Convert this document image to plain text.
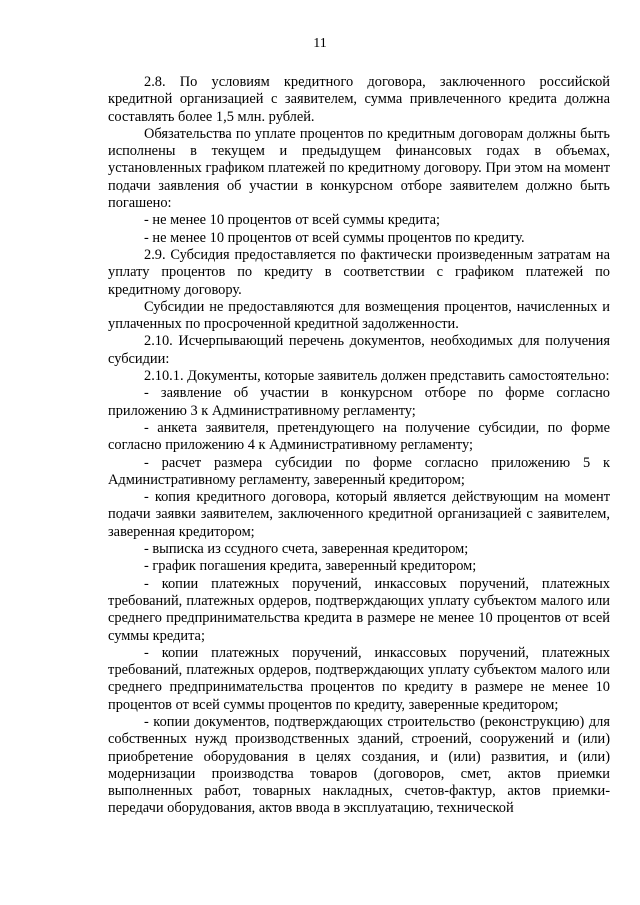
11

2.8. По условиям кредитного договора, заключенного российской кредитной организацией с заявителем, сумма привлеченного кредита должна составлять более 1,5 млн. рублей.

Обязательства по уплате процентов по кредитным договорам должны быть исполнены в текущем и предыдущем финансовых годах в объемах, установленных графиком платежей по кредитному договору. При этом на момент подачи заявления об участии в конкурсном отборе заявителем должно быть погашено:

- не менее 10 процентов от всей суммы кредита;

- не менее 10 процентов от всей суммы процентов по кредиту.

2.9. Субсидия предоставляется по фактически произведенным затратам на уплату процентов по кредиту в соответствии с графиком платежей по кредитному договору.

Субсидии не предоставляются для возмещения процентов, начисленных и уплаченных по просроченной кредитной задолженности.

2.10. Исчерпывающий перечень документов, необходимых для получения субсидии:

2.10.1. Документы, которые заявитель должен представить самостоятельно:

- заявление об участии в конкурсном отборе по форме согласно приложению 3 к Административному регламенту;

- анкета заявителя, претендующего на получение субсидии, по форме согласно приложению 4 к Административному регламенту;

- расчет размера субсидии по форме согласно приложению 5 к Административному регламенту, заверенный кредитором;

- копия кредитного договора, который является действующим на момент подачи заявки заявителем, заключенного кредитной организацией с заявителем, заверенная кредитором;

- выписка из ссудного счета, заверенная кредитором;

- график погашения кредита, заверенный кредитором;

- копии платежных поручений, инкассовых поручений, платежных требований, платежных ордеров, подтверждающих уплату субъектом малого или среднего предпринимательства кредита в размере не менее 10 процентов от всей суммы кредита;

- копии платежных поручений, инкассовых поручений, платежных требований, платежных ордеров, подтверждающих уплату субъектом малого или среднего предпринимательства процентов по кредиту в размере не менее 10 процентов от всей суммы процентов по кредиту, заверенные кредитором;

- копии документов, подтверждающих строительство (реконструкцию) для собственных нужд производственных зданий, строений, сооружений и (или) приобретение оборудования в целях создания, и (или) развития, и (или) модернизации производства товаров (договоров, смет, актов приемки выполненных работ, товарных накладных, счетов-фактур, актов приемки-передачи оборудования, актов ввода в эксплуатацию, технической
